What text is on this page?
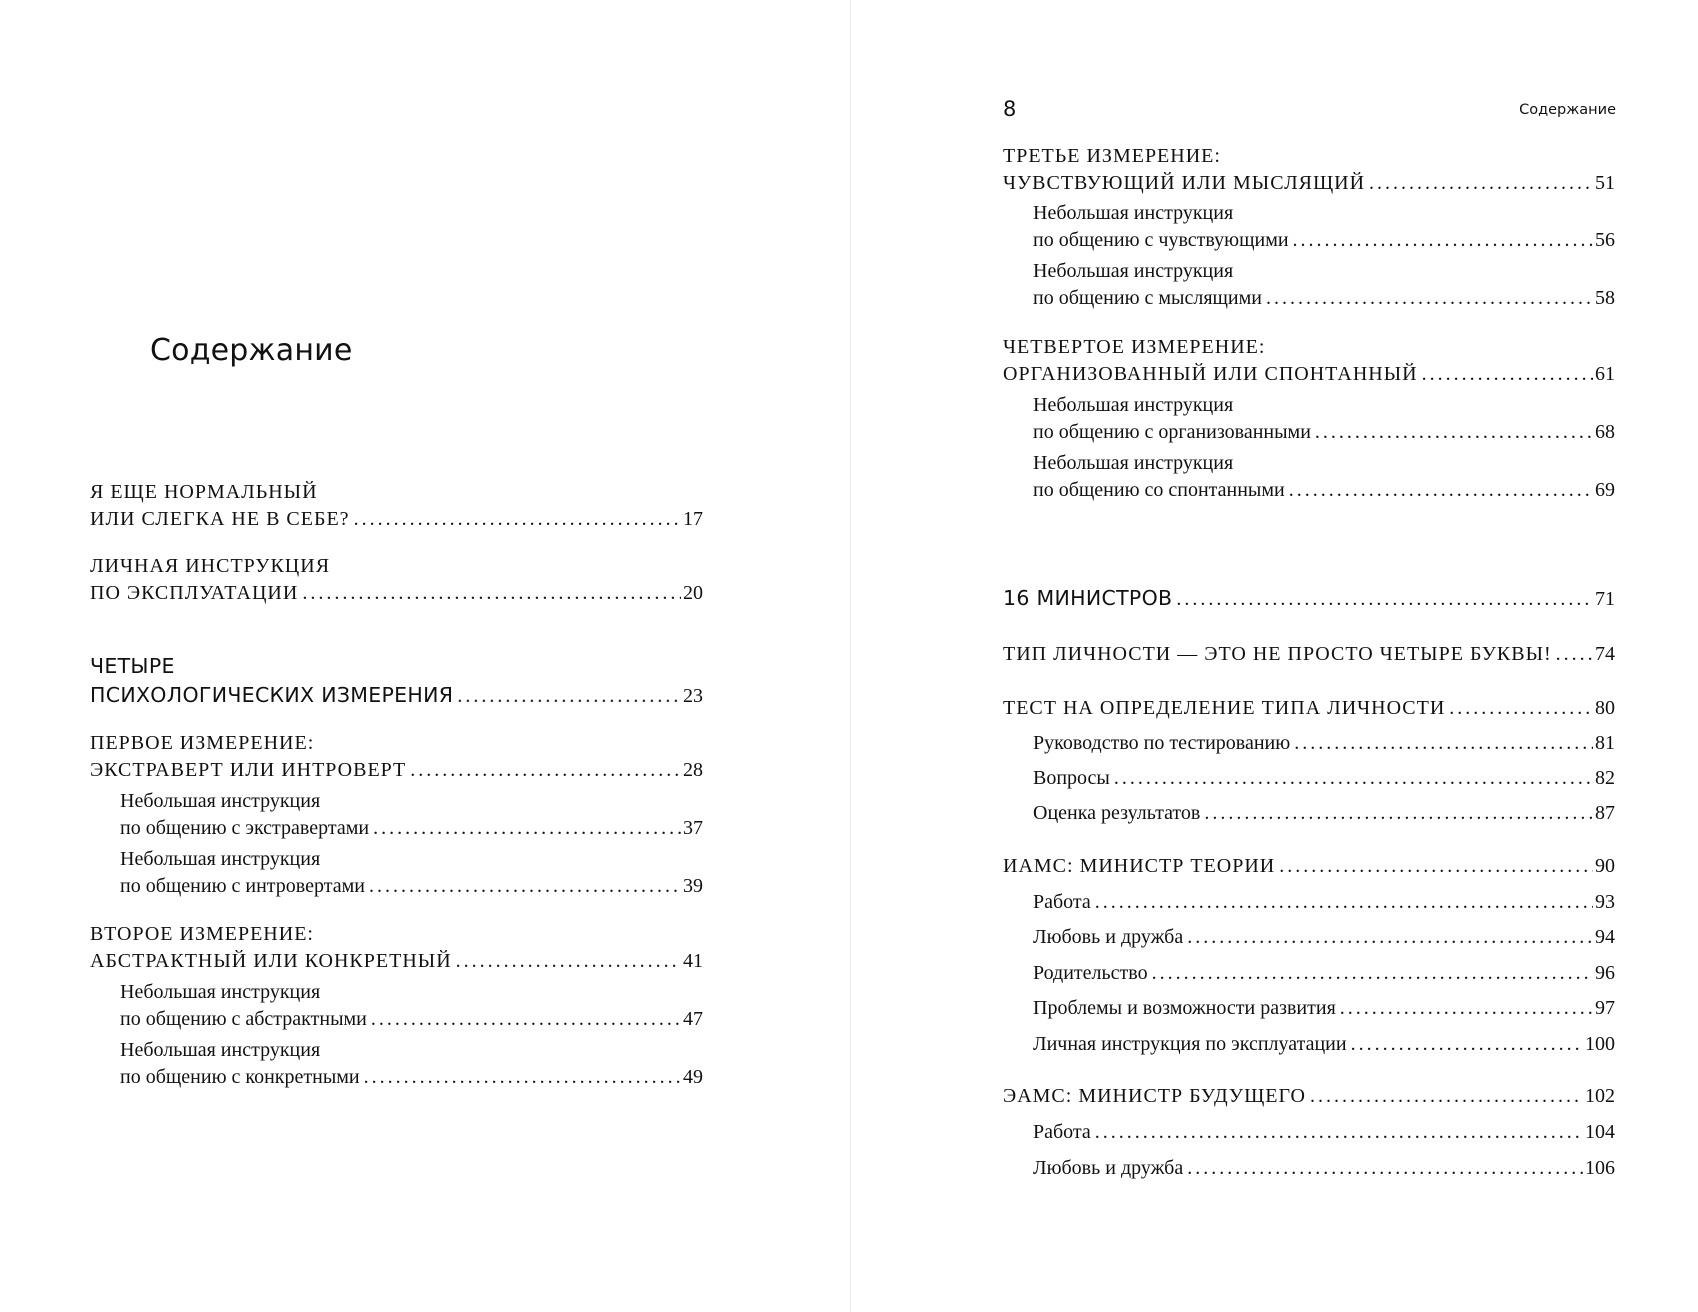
Содержание
Я ЕЩЕ НОРМАЛЬНЫЙ
ИЛИ СЛЕГКА НЕ В СЕБЕ? .....	17
ЛИЧНАЯ ИНСТРУКЦИЯ
ПО ЭКСПЛУАТАЦИИ .....	20
ЧЕТЫРЕ
ПСИХОЛОГИЧЕСКИХ ИЗМЕРЕНИЯ .....	23
ПЕРВОЕ ИЗМЕРЕНИЕ:
ЭКСТРАВЕРТ ИЛИ ИНТРОВЕРТ .....	28
Небольшая инструкция
по общению с экстравертами .....	37
Небольшая инструкция
по общению с интровертами .....	39
ВТОРОЕ ИЗМЕРЕНИЕ:
АБСТРАКТНЫЙ ИЛИ КОНКРЕТНЫЙ .....	41
Небольшая инструкция
по общению с абстрактными .....	47
Небольшая инструкция
по общению с конкретными .....	49
8	Содержание
ТРЕТЬЕ ИЗМЕРЕНИЕ:
ЧУВСТВУЮЩИЙ ИЛИ МЫСЛЯЩИЙ .....	51
Небольшая инструкция
по общению с чувствующими .....	56
Небольшая инструкция
по общению с мыслящими .....	58
ЧЕТВЕРТОЕ ИЗМЕРЕНИЕ:
ОРГАНИЗОВАННЫЙ ИЛИ СПОНТАННЫЙ .....	61
Небольшая инструкция
по общению с организованными .....	68
Небольшая инструкция
по общению со спонтанными .....	69
16 МИНИСТРОВ .....	71
ТИП ЛИЧНОСТИ — ЭТО НЕ ПРОСТО ЧЕТЫРЕ БУКВЫ! ..... 74
ТЕСТ НА ОПРЕДЕЛЕНИЕ ТИПА ЛИЧНОСТИ .....	80
Руководство по тестированию .....	81
Вопросы .....	82
Оценка результатов .....	87
ИАМС: МИНИСТР ТЕОРИИ .....	90
Работа .....	93
Любовь и дружба .....	94
Родительство .....	96
Проблемы и возможности развития .....	97
Личная инструкция по эксплуатации .....	100
ЭАМС: МИНИСТР БУДУЩЕГО .....	102
Работа .....	104
Любовь и дружба .....	106
